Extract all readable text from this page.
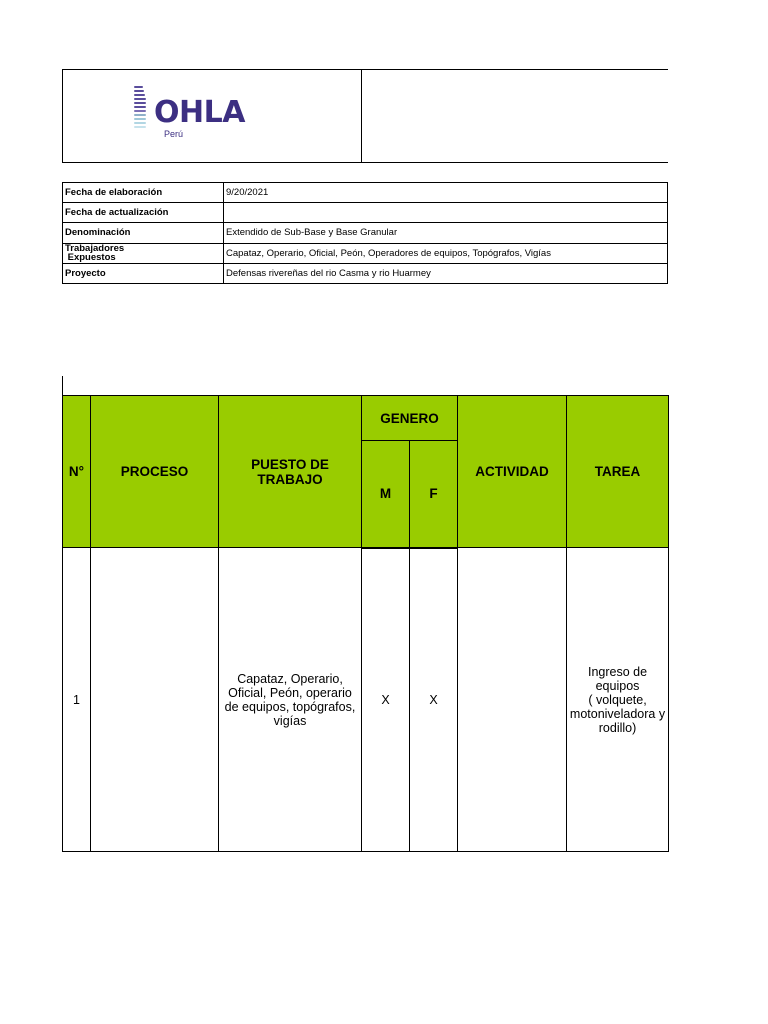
OHLA
Perú
Fecha de elaboración	9/20/2021
Fecha de actualización	
Denominación	Extendido de Sub-Base y Base Granular
Trabajadores
Expuestos	Capataz, Operario, Oficial, Peón, Operadores de equipos, Topógrafos, Vigías
Proyecto	Defensas rivereñas del rio Casma y rio Huarmey
N°	PROCESO	PUESTO DE TRABAJO	GENERO		ACTIVIDAD	TAREA
			M	F		
1		Capataz, Operario, Oficial, Peón, operario de equipos, topógrafos, vigías	X	X		Ingreso de equipos
( volquete, motoniveladora y rodillo)
